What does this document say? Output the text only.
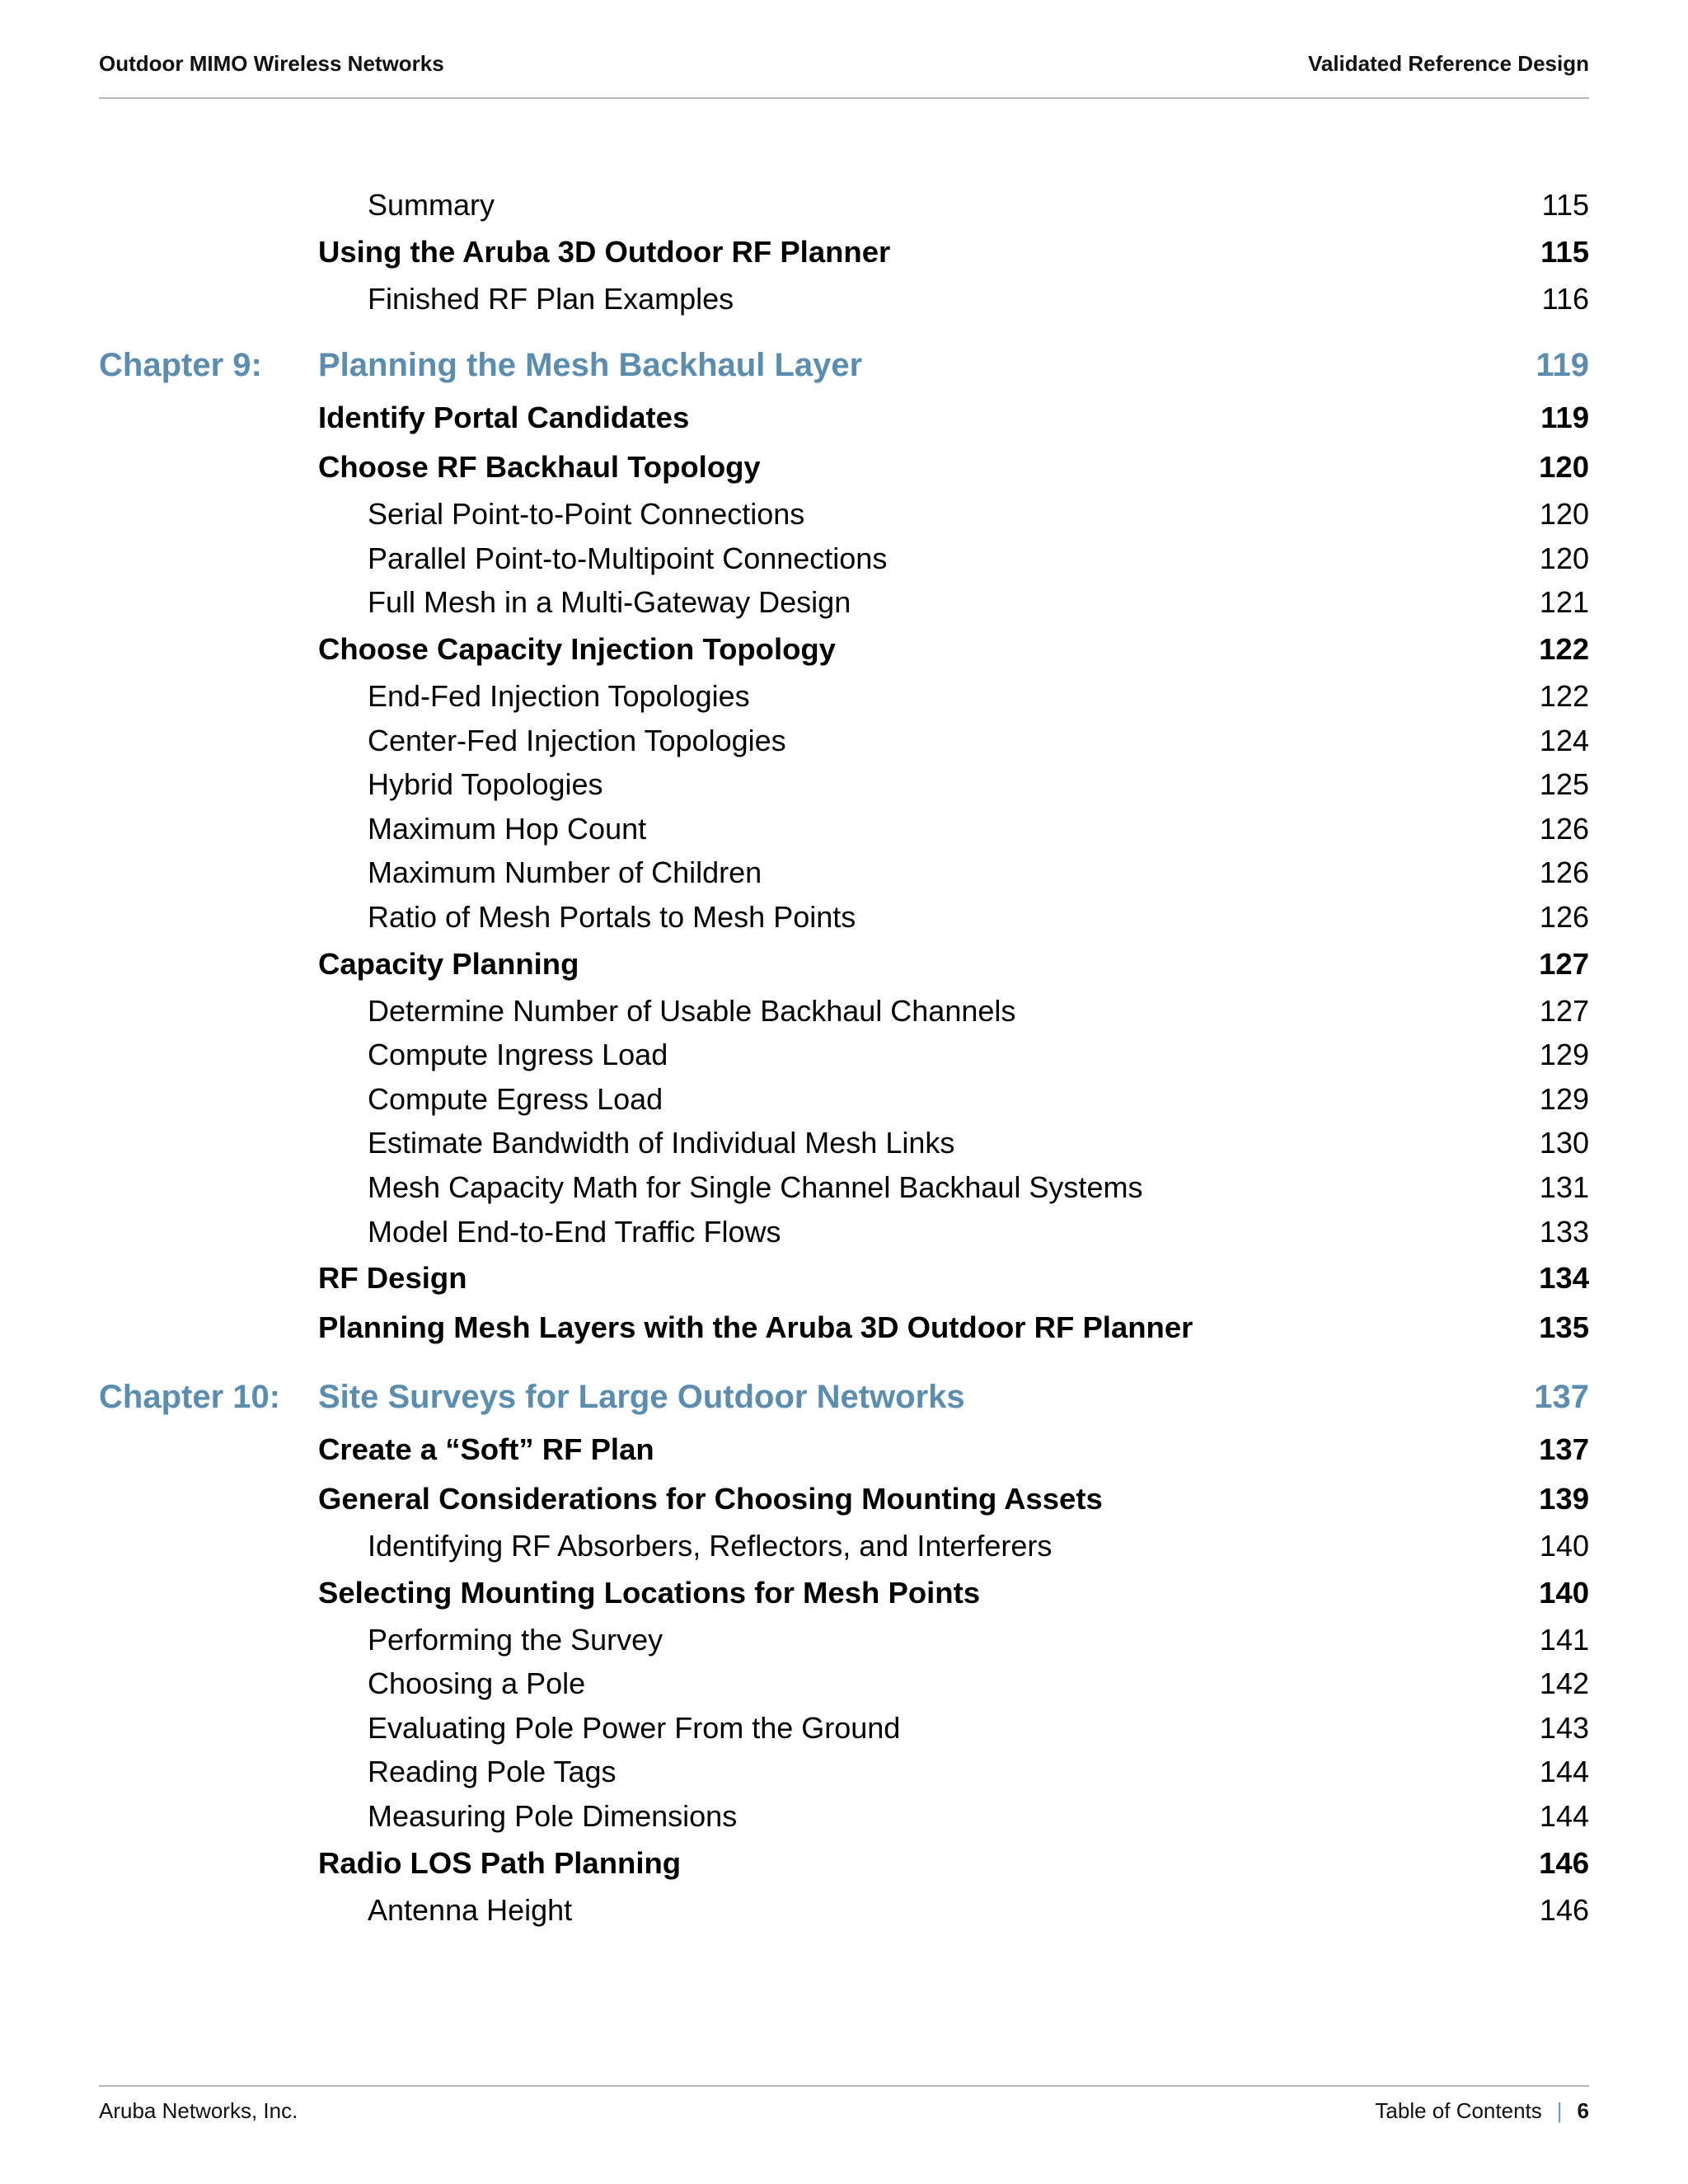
Outdoor MIMO Wireless Networks	Validated Reference Design
Summary	115
Using the Aruba 3D Outdoor RF Planner	115
Finished RF Plan Examples	116
Chapter 9:	Planning the Mesh Backhaul Layer	119
Identify Portal Candidates	119
Choose RF Backhaul Topology	120
Serial Point-to-Point Connections	120
Parallel Point-to-Multipoint Connections	120
Full Mesh in a Multi-Gateway Design	121
Choose Capacity Injection Topology	122
End-Fed Injection Topologies	122
Center-Fed Injection Topologies	124
Hybrid Topologies	125
Maximum Hop Count	126
Maximum Number of Children	126
Ratio of Mesh Portals to Mesh Points	126
Capacity Planning	127
Determine Number of Usable Backhaul Channels	127
Compute Ingress Load	129
Compute Egress Load	129
Estimate Bandwidth of Individual Mesh Links	130
Mesh Capacity Math for Single Channel Backhaul Systems	131
Model End-to-End Traffic Flows	133
RF Design	134
Planning Mesh Layers with the Aruba 3D Outdoor RF Planner	135
Chapter 10:	Site Surveys for Large Outdoor Networks	137
Create a “Soft” RF Plan	137
General Considerations for Choosing Mounting Assets	139
Identifying RF Absorbers, Reflectors, and Interferers	140
Selecting Mounting Locations for Mesh Points	140
Performing the Survey	141
Choosing a Pole	142
Evaluating Pole Power From the Ground	143
Reading Pole Tags	144
Measuring Pole Dimensions	144
Radio LOS Path Planning	146
Antenna Height	146
Aruba Networks, Inc.	Table of Contents | 6
